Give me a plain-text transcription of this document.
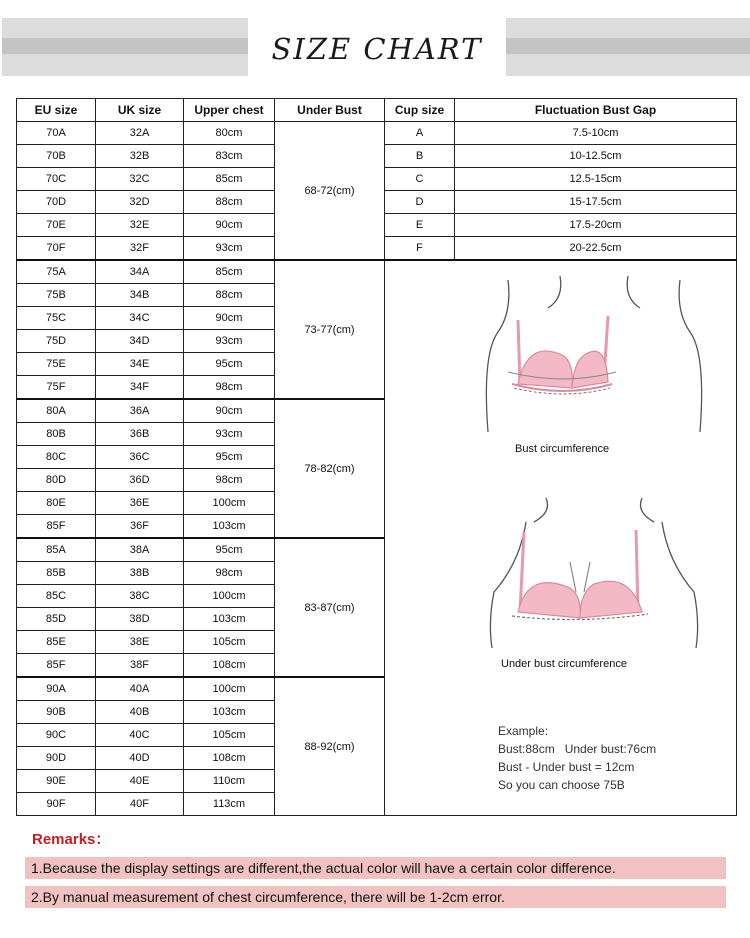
SIZE CHART
EU size	UK size	Upper chest	Under Bust	Cup size	Fluctuation Bust Gap
70A	32A	80cm	68-72(cm)	A	7.5-10cm
70B	32B	83cm		B	10-12.5cm
70C	32C	85cm		C	12.5-15cm
70D	32D	88cm		D	15-17.5cm
70E	32E	90cm		E	17.5-20cm
70F	32F	93cm		F	20-22.5cm
75A	34A	85cm	73-77(cm)		
75B	34B	88cm			
75C	34C	90cm			
75D	34D	93cm			
75E	34E	95cm			
75F	34F	98cm			
80A	36A	90cm	78-82(cm)		
80B	36B	93cm			
80C	36C	95cm			
80D	36D	98cm			
80E	36E	100cm			
85F	36F	103cm			
85A	38A	95cm	83-87(cm)		
85B	38B	98cm			
85C	38C	100cm			
85D	38D	103cm			
85E	38E	105cm			
85F	38F	108cm			
90A	40A	100cm	88-92(cm)		
90B	40B	103cm			
90C	40C	105cm			
90D	40D	108cm			
90E	40E	110cm			
90F	40F	113cm			
Bust circumference
Under bust circumference
Example:
Bust:88cm   Under bust:76cm
Bust - Under bust = 12cm
So you can choose 75B
Remarks：
1.Because the display settings are different,the actual color will have a certain color difference.
2.By manual measurement of chest circumference, there will be 1-2cm error.
